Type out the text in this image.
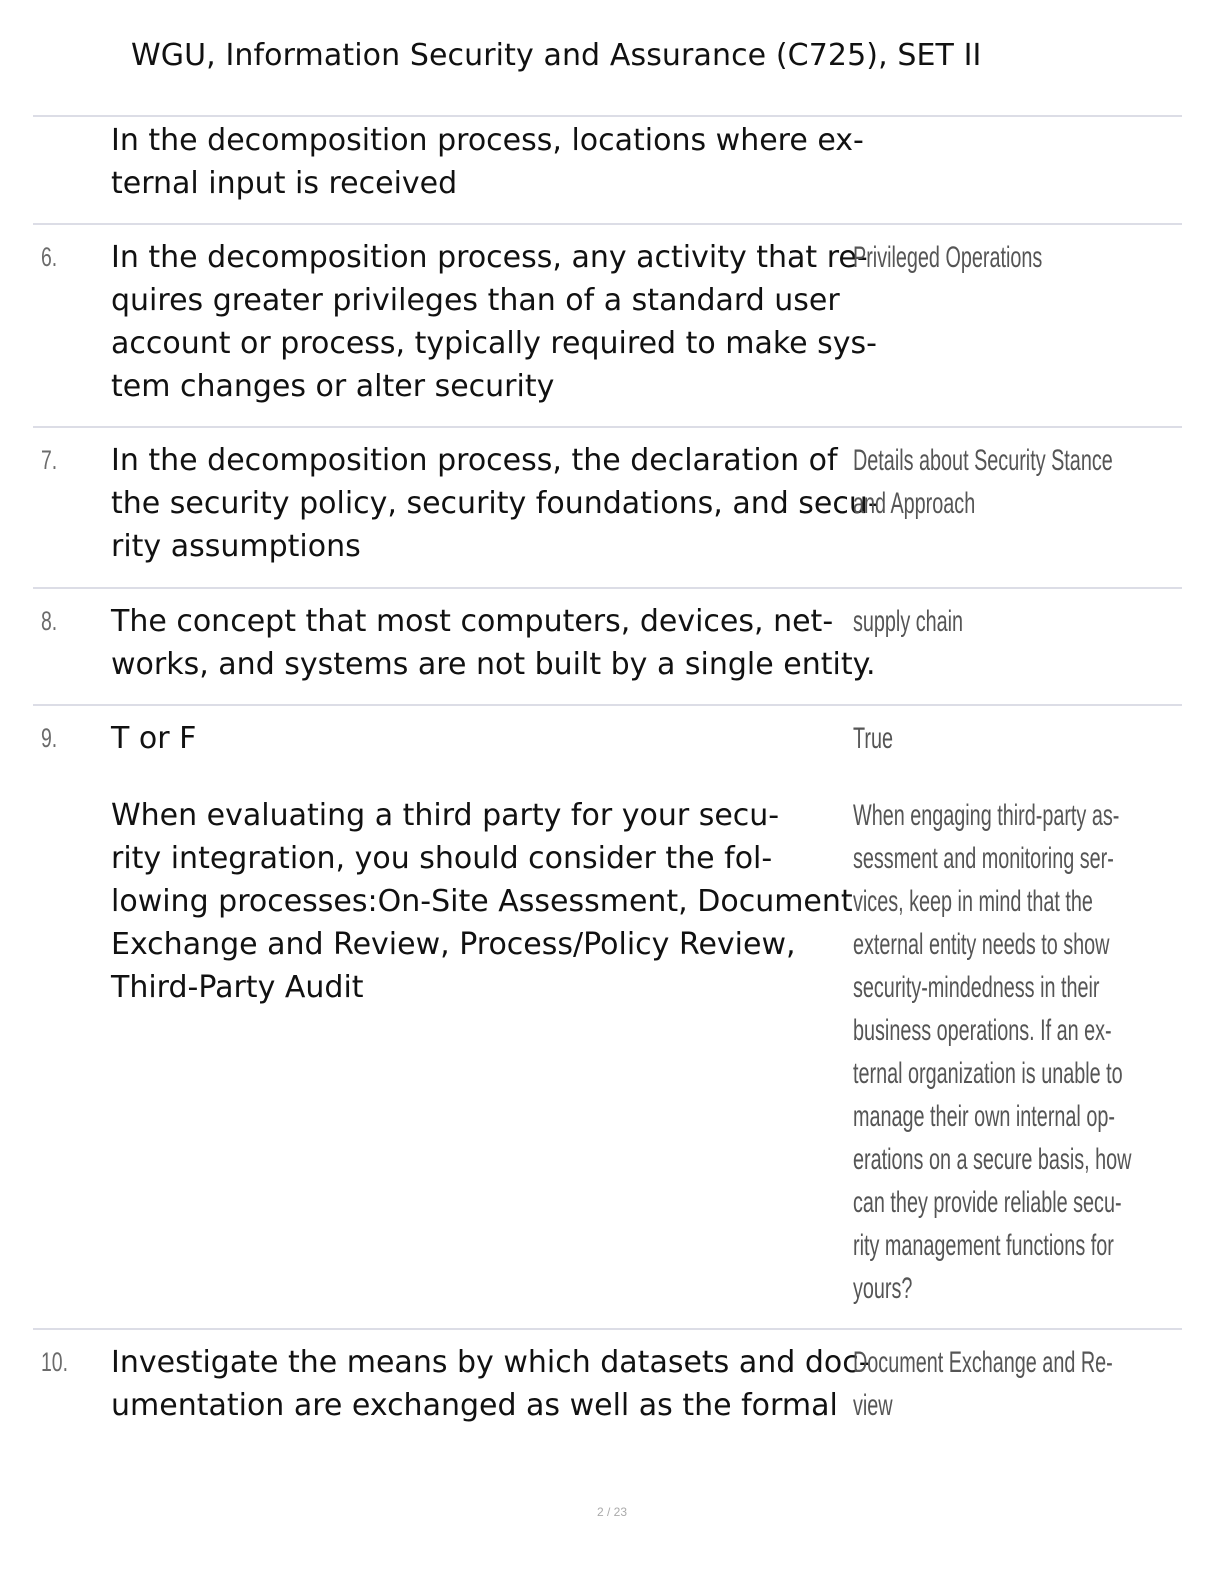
WGU, Information Security and Assurance (C725), SET II
In the decomposition process, locations where ex-
ternal input is received
6. In the decomposition process, any activity that re-
quires greater privileges than of a standard user
account or process, typically required to make sys-
tem changes or alter security
Privileged Operations
7. In the decomposition process, the declaration of
the security policy, security foundations, and secu-
rity assumptions
Details about Security Stance
and Approach
8. The concept that most computers, devices, net-
works, and systems are not built by a single entity.
supply chain
9. T or F
When evaluating a third party for your secu-
rity integration, you should consider the fol-
lowing processes:On-Site Assessment, Document
Exchange and Review, Process/Policy Review,
Third-Party Audit
True
When engaging third-party as-
sessment and monitoring ser-
vices, keep in mind that the
external entity needs to show
security-mindedness in their
business operations. If an ex-
ternal organization is unable to
manage their own internal op-
erations on a secure basis, how
can they provide reliable secu-
rity management functions for
yours?
10. Investigate the means by which datasets and doc-
umentation are exchanged as well as the formal
Document Exchange and Re-
view
2 / 23
